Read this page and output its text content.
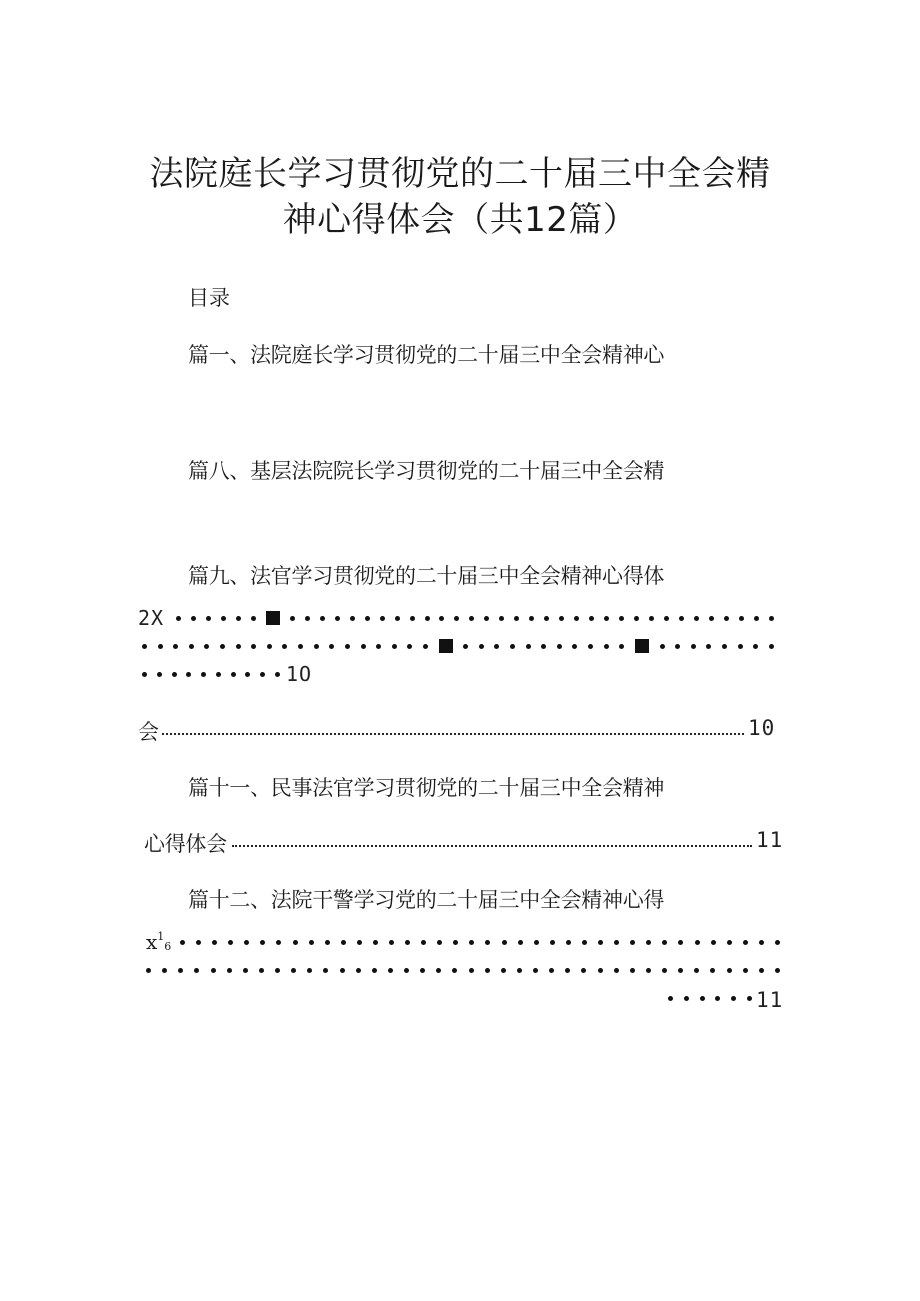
法院庭长学习贯彻党的二十届三中全会精
神心得体会（共12篇）
目录
篇一、法院庭长学习贯彻党的二十届三中全会精神心
篇八、基层法院院长学习贯彻党的二十届三中全会精
篇九、法官学习贯彻党的二十届三中全会精神心得体
2X
1O
会	10
篇十一、民事法官学习贯彻党的二十届三中全会精神
心得体会	11
篇十二、法院干警学习党的二十届三中全会精神心得
$x^1_6$
11
